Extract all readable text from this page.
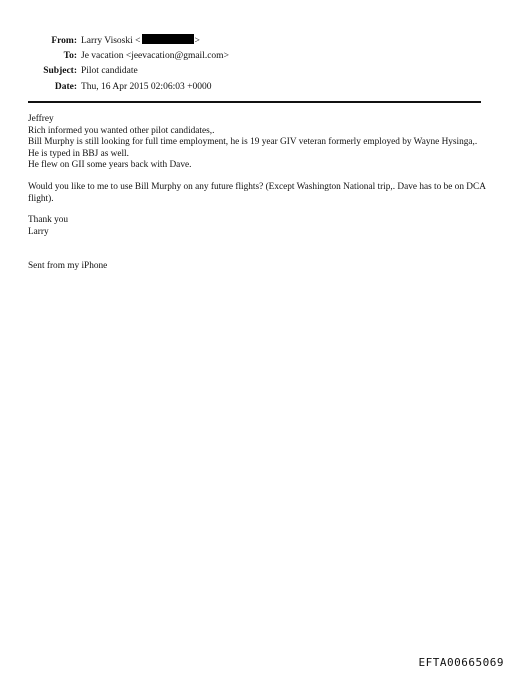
From: Larry Visoski <	>
To: Je vacation <jeevacation@gmail.com>
Subject: Pilot candidate
Date: Thu, 16 Apr 2015 02:06:03 +0000

Jeffrey

Rich informed you wanted other pilot candidates,.

Bill Murphy is still looking for full time employment, he is 19 year GIV veteran formerly employed by Wayne Hysinga,. He is typed in BBJ as well.

He flew on GII some years back with Dave.

Would you like to me to use Bill Murphy on any future flights? (Except Washington National trip,. Dave has to be on DCA flight).

Thank you

Larry

Sent from my iPhone

EFTA00665069
